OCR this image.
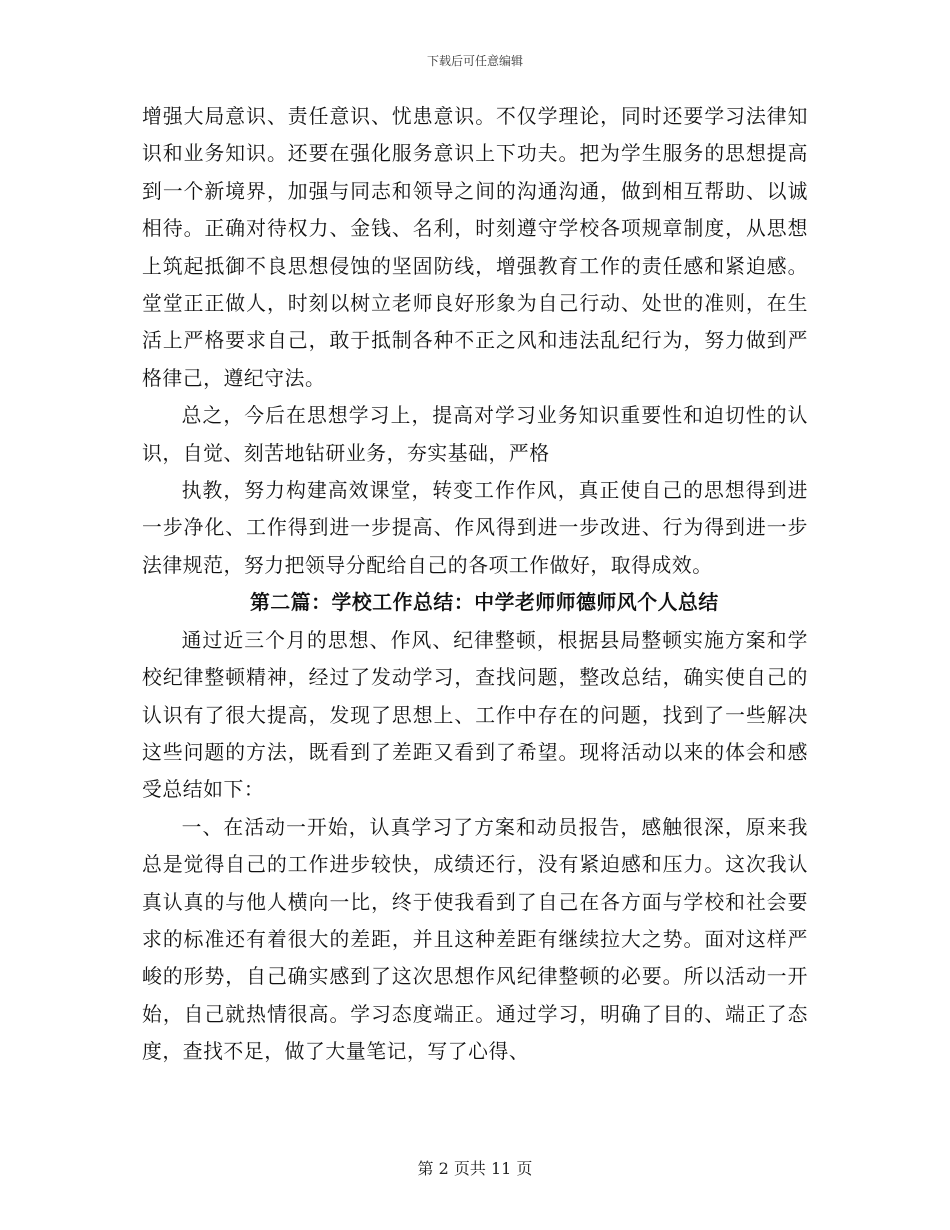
下载后可任意编辑

增强大局意识、责任意识、忧患意识。不仅学理论，同时还要学习法律知识和业务知识。还要在强化服务意识上下功夫。把为学生服务的思想提高到一个新境界，加强与同志和领导之间的沟通沟通，做到相互帮助、以诚相待。正确对待权力、金钱、名利，时刻遵守学校各项规章制度，从思想上筑起抵御不良思想侵蚀的坚固防线，增强教育工作的责任感和紧迫感。堂堂正正做人，时刻以树立老师良好形象为自己行动、处世的准则，在生活上严格要求自己，敢于抵制各种不正之风和违法乱纪行为，努力做到严格律己，遵纪守法。

总之，今后在思想学习上，提高对学习业务知识重要性和迫切性的认识，自觉、刻苦地钻研业务，夯实基础，严格

执教，努力构建高效课堂，转变工作作风，真正使自己的思想得到进一步净化、工作得到进一步提高、作风得到进一步改进、行为得到进一步法律规范，努力把领导分配给自己的各项工作做好，取得成效。

第二篇：学校工作总结：中学老师师德师风个人总结

通过近三个月的思想、作风、纪律整顿，根据县局整顿实施方案和学校纪律整顿精神，经过了发动学习，查找问题，整改总结，确实使自己的认识有了很大提高，发现了思想上、工作中存在的问题，找到了一些解决这些问题的方法，既看到了差距又看到了希望。现将活动以来的体会和感受总结如下：

一、在活动一开始，认真学习了方案和动员报告，感触很深，原来我总是觉得自己的工作进步较快，成绩还行，没有紧迫感和压力。这次我认真认真的与他人横向一比，终于使我看到了自己在各方面与学校和社会要求的标准还有着很大的差距，并且这种差距有继续拉大之势。面对这样严峻的形势，自己确实感到了这次思想作风纪律整顿的必要。所以活动一开始，自己就热情很高。学习态度端正。通过学习，明确了目的、端正了态度，查找不足，做了大量笔记，写了心得、

第 2 页共 11 页
